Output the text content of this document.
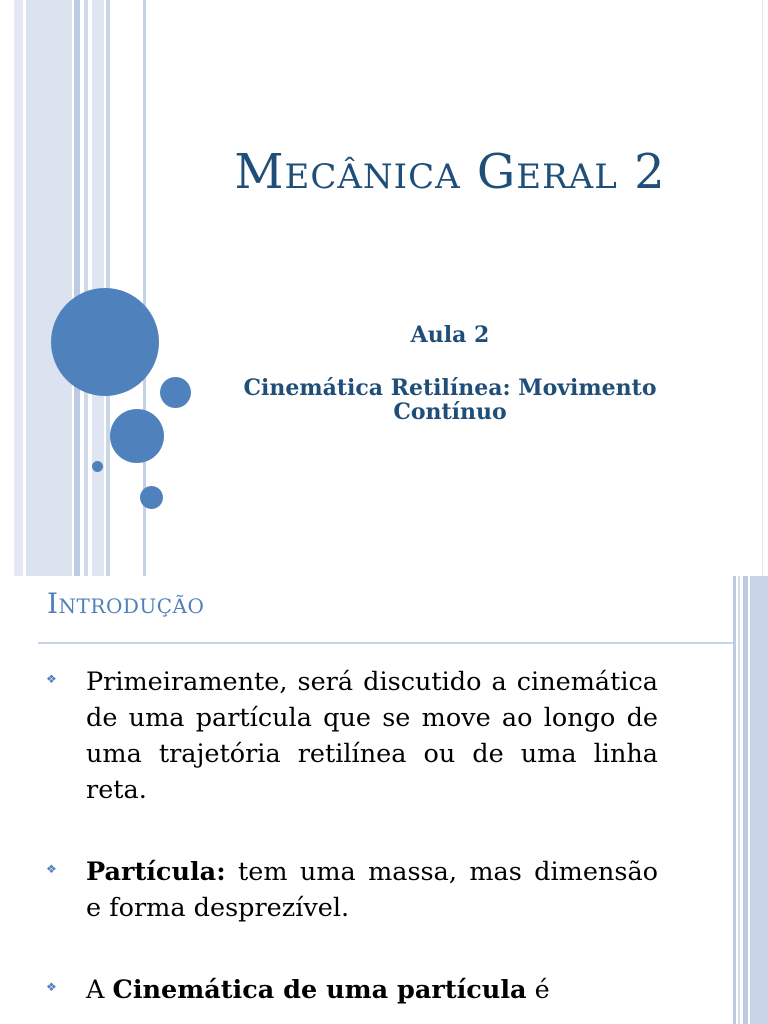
Mecânica Geral 2

Aula 2

Cinemática Retilínea: Movimento Contínuo

Introdução
❖ Primeiramente, será discutido a cinemática de uma partícula que se move ao longo de uma trajetória retilínea ou de uma linha reta.
❖ Partícula: tem uma massa, mas dimensão e forma desprezível.
❖ A Cinemática de uma partícula é
